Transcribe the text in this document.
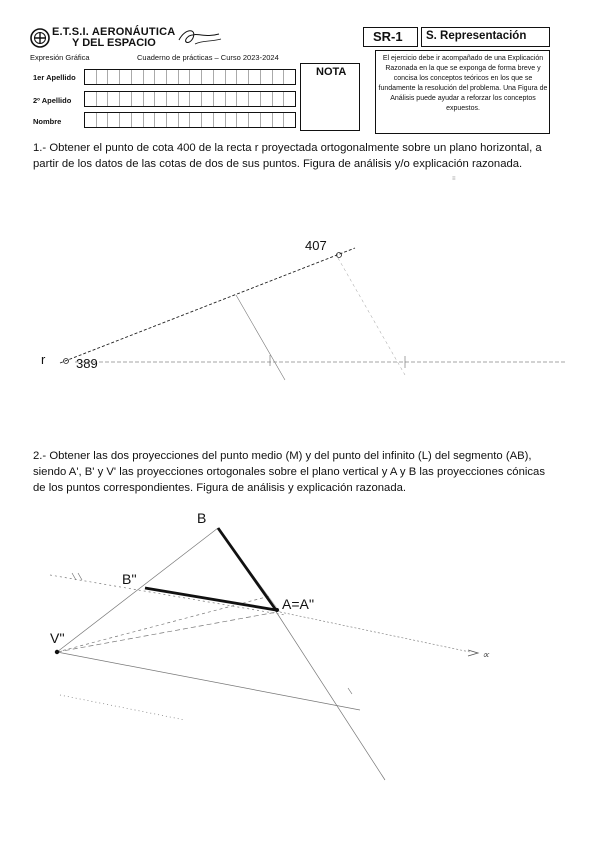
E.T.S.I. AERONÁUTICA
Y DEL ESPACIO
Expresión Gráfica	Cuaderno de prácticas – Curso 2023-2024
1er Apellido
2º Apellido
Nombre
NOTA
SR-1 S. Representación
El ejercicio debe ir acompañado de una Explicación Razonada en la que se exponga de forma breve y concisa los conceptos teóricos en los que se fundamente la resolución del problema. Una Figura de Análisis puede ayudar a reforzar los conceptos expuestos.
1.- Obtener el punto de cota 400 de la recta r proyectada ortogonalmente sobre un plano horizontal, a partir de los datos de las cotas de dos de sus puntos. Figura de análisis y/o explicación razonada.
≡
407
389
r
2.- Obtener las dos proyecciones del punto medio (M) y del punto del infinito (L) del segmento (AB), siendo A', B' y V' las proyecciones ortogonales sobre el plano vertical y A y B las proyecciones cónicas de los puntos correspondientes. Figura de análisis y explicación razonada.
∝
B
B''
A=A''
V''
